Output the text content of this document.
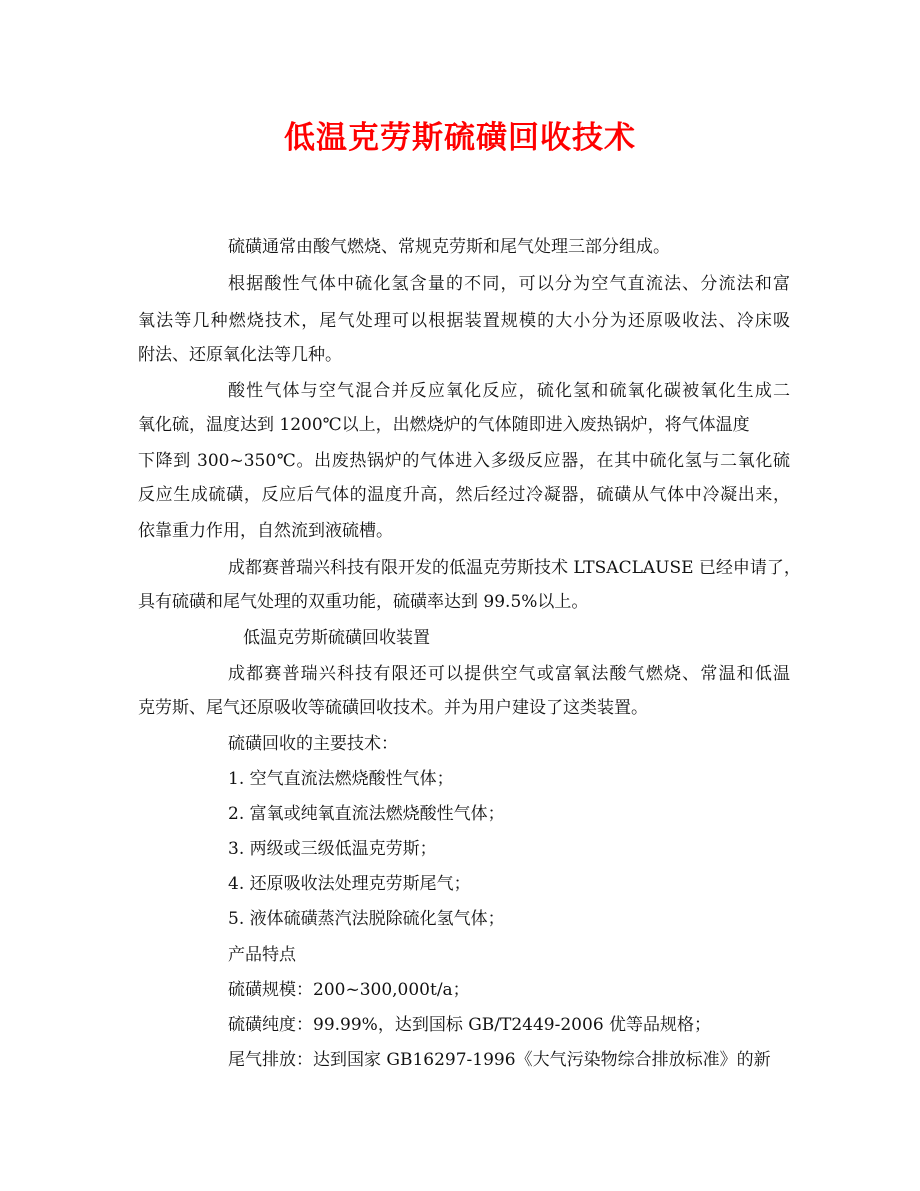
低温克劳斯硫磺回收技术
硫磺通常由酸气燃烧、常规克劳斯和尾气处理三部分组成。
根据酸性气体中硫化氢含量的不同，可以分为空气直流法、分流法和富
氧法等几种燃烧技术，尾气处理可以根据装置规模的大小分为还原吸收法、冷床吸
附法、还原氧化法等几种。
酸性气体与空气混合并反应氧化反应，硫化氢和硫氧化碳被氧化生成二
氧化硫，温度达到 1200℃以上，出燃烧炉的气体随即进入废热锅炉，将气体温度
下降到 300~350℃。出废热锅炉的气体进入多级反应器，在其中硫化氢与二氧化硫
反应生成硫磺，反应后气体的温度升高，然后经过冷凝器，硫磺从气体中冷凝出来，
依靠重力作用，自然流到液硫槽。
成都赛普瑞兴科技有限开发的低温克劳斯技术 LTSACLAUSE 已经申请了，
具有硫磺和尾气处理的双重功能，硫磺率达到 99.5%以上。
低温克劳斯硫磺回收装置
成都赛普瑞兴科技有限还可以提供空气或富氧法酸气燃烧、常温和低温
克劳斯、尾气还原吸收等硫磺回收技术。并为用户建设了这类装置。
硫磺回收的主要技术：
1. 空气直流法燃烧酸性气体；
2. 富氧或纯氧直流法燃烧酸性气体；
3. 两级或三级低温克劳斯；
4. 还原吸收法处理克劳斯尾气；
5. 液体硫磺蒸汽法脱除硫化氢气体；
产品特点
硫磺规模：200~300,000t/a；
硫磺纯度：99.99%，达到国标 GB/T2449-2006 优等品规格；
尾气排放：达到国家 GB16297-1996《大气污染物综合排放标准》的新
